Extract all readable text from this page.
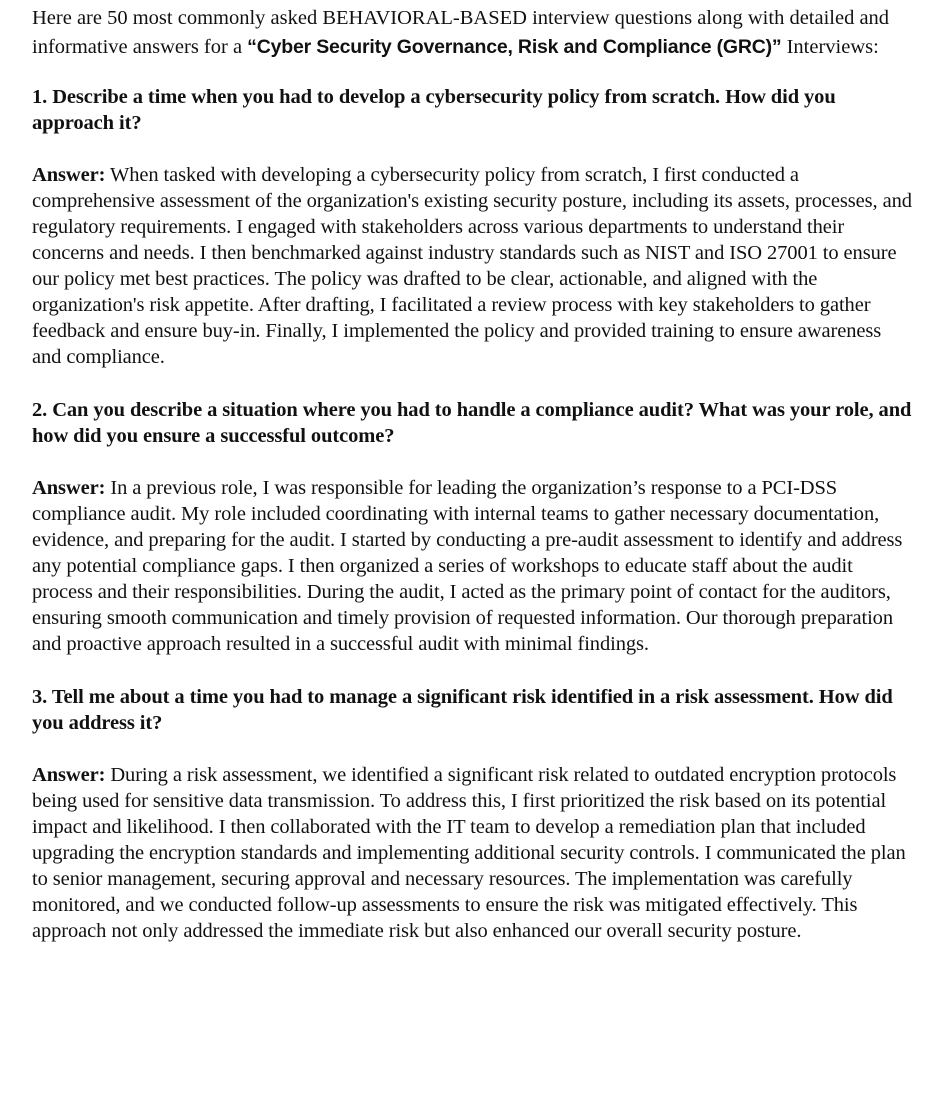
Here are 50 most commonly asked BEHAVIORAL-BASED interview questions along with detailed and informative answers for a “Cyber Security Governance, Risk and Compliance (GRC)” Interviews:

1. Describe a time when you had to develop a cybersecurity policy from scratch. How did you approach it?

Answer: When tasked with developing a cybersecurity policy from scratch, I first conducted a comprehensive assessment of the organization's existing security posture, including its assets, processes, and regulatory requirements. I engaged with stakeholders across various departments to understand their concerns and needs. I then benchmarked against industry standards such as NIST and ISO 27001 to ensure our policy met best practices. The policy was drafted to be clear, actionable, and aligned with the organization's risk appetite. After drafting, I facilitated a review process with key stakeholders to gather feedback and ensure buy-in. Finally, I implemented the policy and provided training to ensure awareness and compliance.

2. Can you describe a situation where you had to handle a compliance audit? What was your role, and how did you ensure a successful outcome?

Answer: In a previous role, I was responsible for leading the organization’s response to a PCI-DSS compliance audit. My role included coordinating with internal teams to gather necessary documentation, evidence, and preparing for the audit. I started by conducting a pre-audit assessment to identify and address any potential compliance gaps. I then organized a series of workshops to educate staff about the audit process and their responsibilities. During the audit, I acted as the primary point of contact for the auditors, ensuring smooth communication and timely provision of requested information. Our thorough preparation and proactive approach resulted in a successful audit with minimal findings.

3. Tell me about a time you had to manage a significant risk identified in a risk assessment. How did you address it?

Answer: During a risk assessment, we identified a significant risk related to outdated encryption protocols being used for sensitive data transmission. To address this, I first prioritized the risk based on its potential impact and likelihood. I then collaborated with the IT team to develop a remediation plan that included upgrading the encryption standards and implementing additional security controls. I communicated the plan to senior management, securing approval and necessary resources. The implementation was carefully monitored, and we conducted follow-up assessments to ensure the risk was mitigated effectively. This approach not only addressed the immediate risk but also enhanced our overall security posture.
